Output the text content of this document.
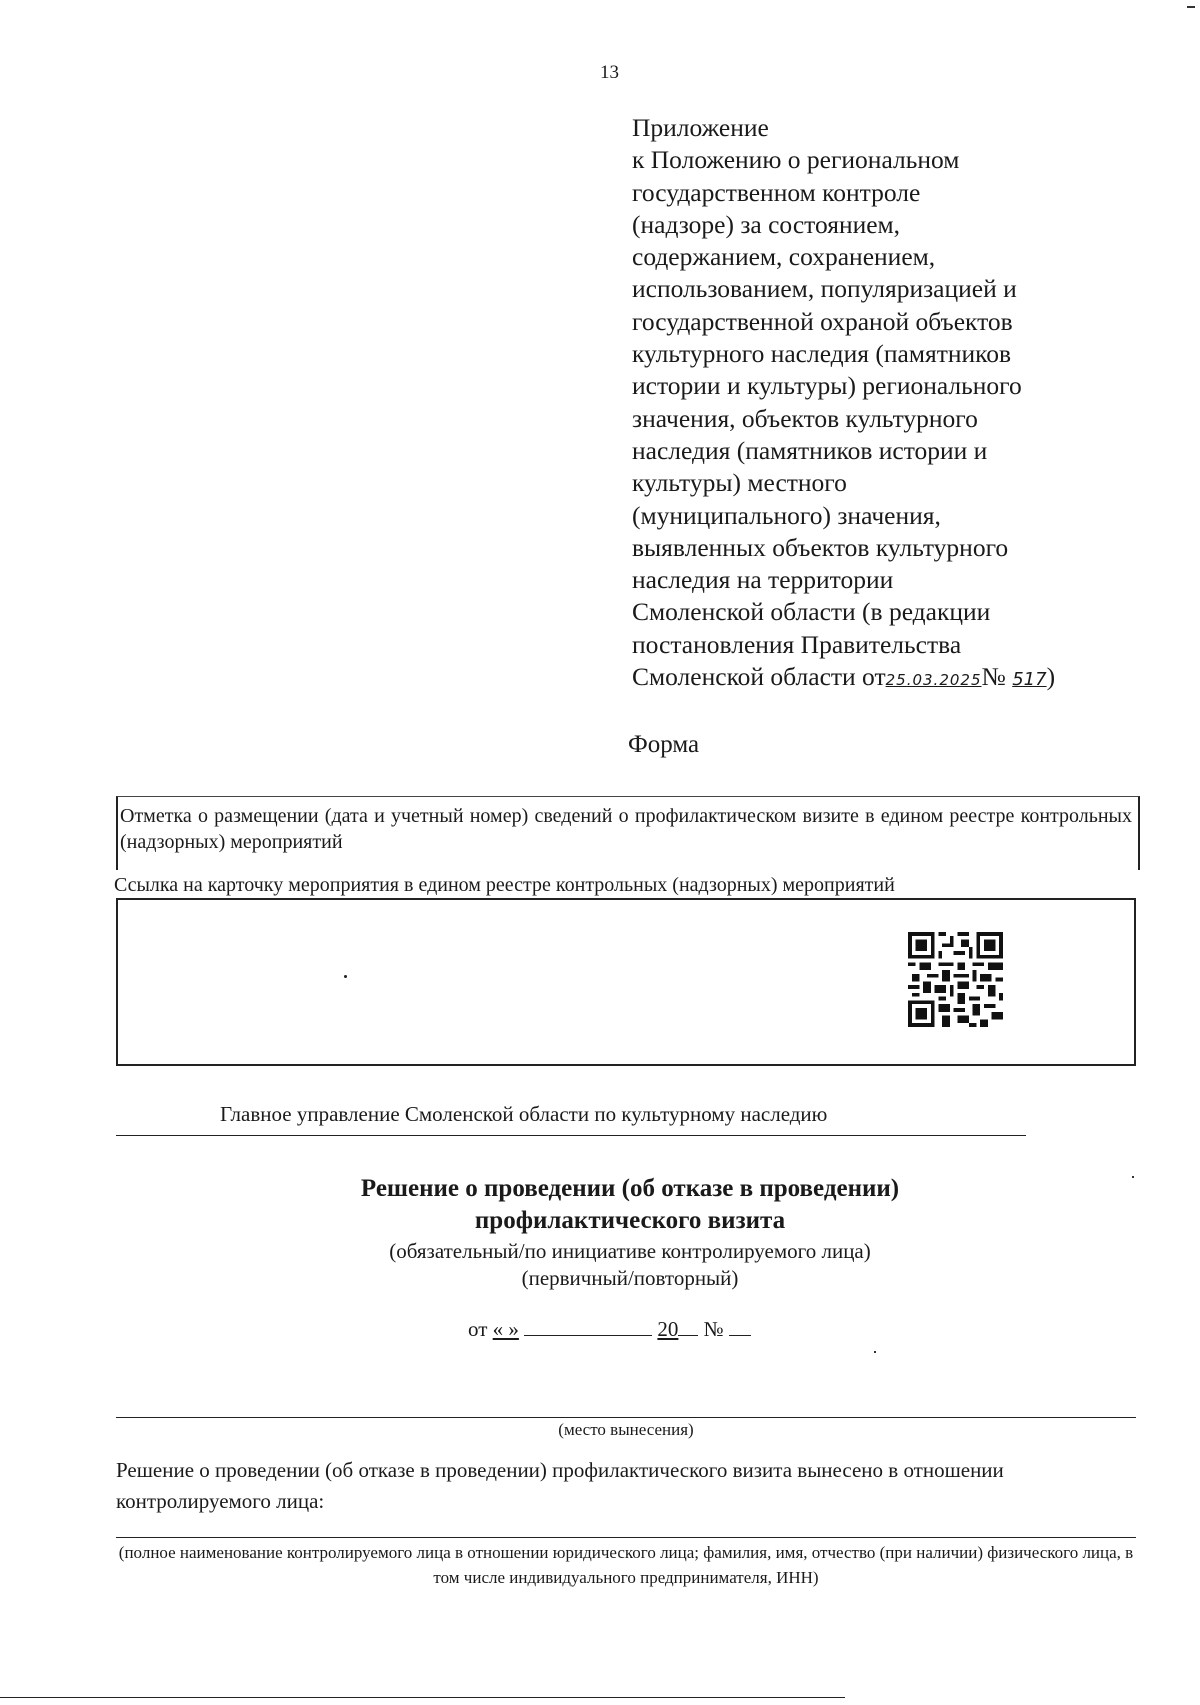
13
Приложение
к Положению о региональном
государственном контроле
(надзоре) за состоянием,
содержанием, сохранением,
использованием, популяризацией и
государственной охраной объектов
культурного наследия (памятников
истории и культуры) регионального
значения, объектов культурного
наследия (памятников истории и
культуры) местного
(муниципального) значения,
выявленных объектов культурного
наследия на территории
Смоленской области (в редакции
постановления Правительства
Смоленской области от25.03.2025№ 517)
Форма
Отметка о размещении (дата и учетный номер) сведений о профилактическом визите в едином реестре контрольных (надзорных) мероприятий
Ссылка на карточку мероприятия в едином реестре контрольных (надзорных) мероприятий
Главное управление Смоленской области по культурному наследию
Решение о проведении (об отказе в проведении)
профилактического визита
(обязательный/по инициативе контролируемого лица)
(первичный/повторный)
от « »	20 №
(место вынесения)
Решение о проведении (об отказе в проведении) профилактического визита вынесено в отношении контролируемого лица:
(полное наименование контролируемого лица в отношении юридического лица; фамилия, имя, отчество (при наличии) физического лица, в том числе индивидуального предпринимателя, ИНН)
